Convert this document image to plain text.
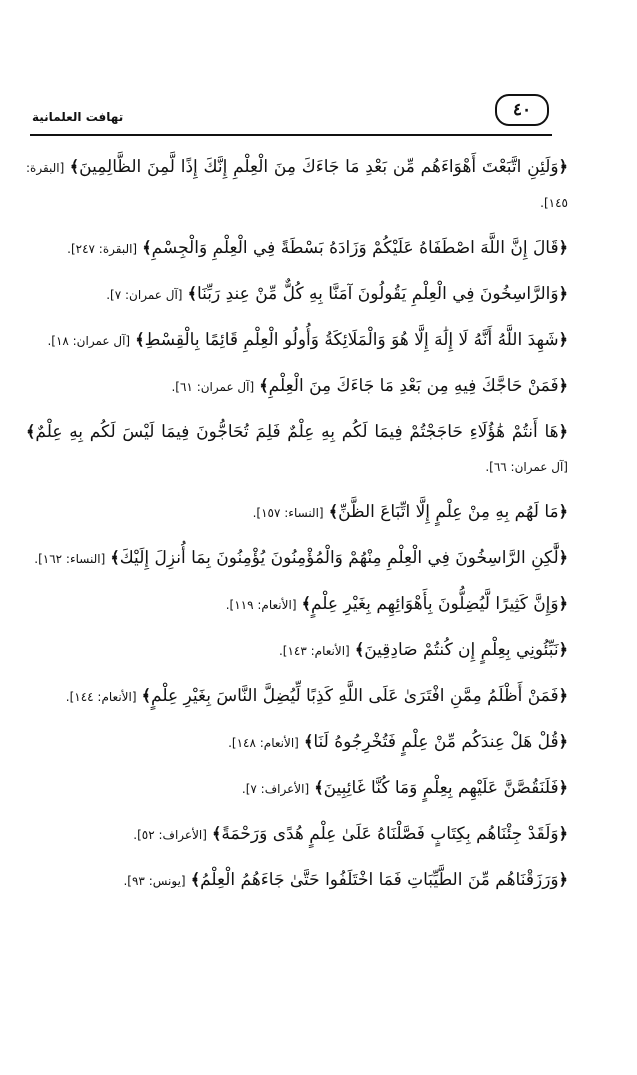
٤٠
تهافت العلمانية

﴿وَلَئِنِ اتَّبَعْتَ أَهْوَاءَهُم مِّن بَعْدِ مَا جَاءَكَ مِنَ الْعِلْمِ إِنَّكَ إِذًا لَّمِنَ الظَّالِمِينَ﴾ [البقرة: ١٤٥].

﴿قَالَ إِنَّ اللَّهَ اصْطَفَاهُ عَلَيْكُمْ وَزَادَهُ بَسْطَةً فِي الْعِلْمِ وَالْجِسْمِ﴾ [البقرة: ٢٤٧].

﴿وَالرَّاسِخُونَ فِي الْعِلْمِ يَقُولُونَ آمَنَّا بِهِ كُلٌّ مِّنْ عِندِ رَبِّنَا﴾ [آل عمران: ٧].

﴿شَهِدَ اللَّهُ أَنَّهُ لَا إِلَٰهَ إِلَّا هُوَ وَالْمَلَائِكَةُ وَأُولُو الْعِلْمِ قَائِمًا بِالْقِسْطِ﴾ [آل عمران: ١٨].

﴿فَمَنْ حَاجَّكَ فِيهِ مِن بَعْدِ مَا جَاءَكَ مِنَ الْعِلْمِ﴾ [آل عمران: ٦١].

﴿هَا أَنتُمْ هَٰؤُلَاءِ حَاجَجْتُمْ فِيمَا لَكُم بِهِ عِلْمٌ فَلِمَ تُحَاجُّونَ فِيمَا لَيْسَ لَكُم بِهِ عِلْمٌ﴾ [آل عمران: ٦٦].

﴿مَا لَهُم بِهِ مِنْ عِلْمٍ إِلَّا اتِّبَاعَ الظَّنِّ﴾ [النساء: ١٥٧].

﴿لَّٰكِنِ الرَّاسِخُونَ فِي الْعِلْمِ مِنْهُمْ وَالْمُؤْمِنُونَ يُؤْمِنُونَ بِمَا أُنزِلَ إِلَيْكَ﴾ [النساء: ١٦٢].

﴿وَإِنَّ كَثِيرًا لَّيُضِلُّونَ بِأَهْوَائِهِم بِغَيْرِ عِلْمٍ﴾ [الأنعام: ١١٩].

﴿نَبِّئُونِي بِعِلْمٍ إِن كُنتُمْ صَادِقِينَ﴾ [الأنعام: ١٤٣].

﴿فَمَنْ أَظْلَمُ مِمَّنِ افْتَرَىٰ عَلَى اللَّهِ كَذِبًا لِّيُضِلَّ النَّاسَ بِغَيْرِ عِلْمٍ﴾ [الأنعام: ١٤٤].

﴿قُلْ هَلْ عِندَكُم مِّنْ عِلْمٍ فَتُخْرِجُوهُ لَنَا﴾ [الأنعام: ١٤٨].

﴿فَلَنَقُصَّنَّ عَلَيْهِم بِعِلْمٍ وَمَا كُنَّا غَائِبِينَ﴾ [الأعراف: ٧].

﴿وَلَقَدْ جِئْنَاهُم بِكِتَابٍ فَصَّلْنَاهُ عَلَىٰ عِلْمٍ هُدًى وَرَحْمَةً﴾ [الأعراف: ٥٢].

﴿وَرَزَقْنَاهُم مِّنَ الطَّيِّبَاتِ فَمَا اخْتَلَفُوا حَتَّىٰ جَاءَهُمُ الْعِلْمُ﴾ [يونس: ٩٣].
